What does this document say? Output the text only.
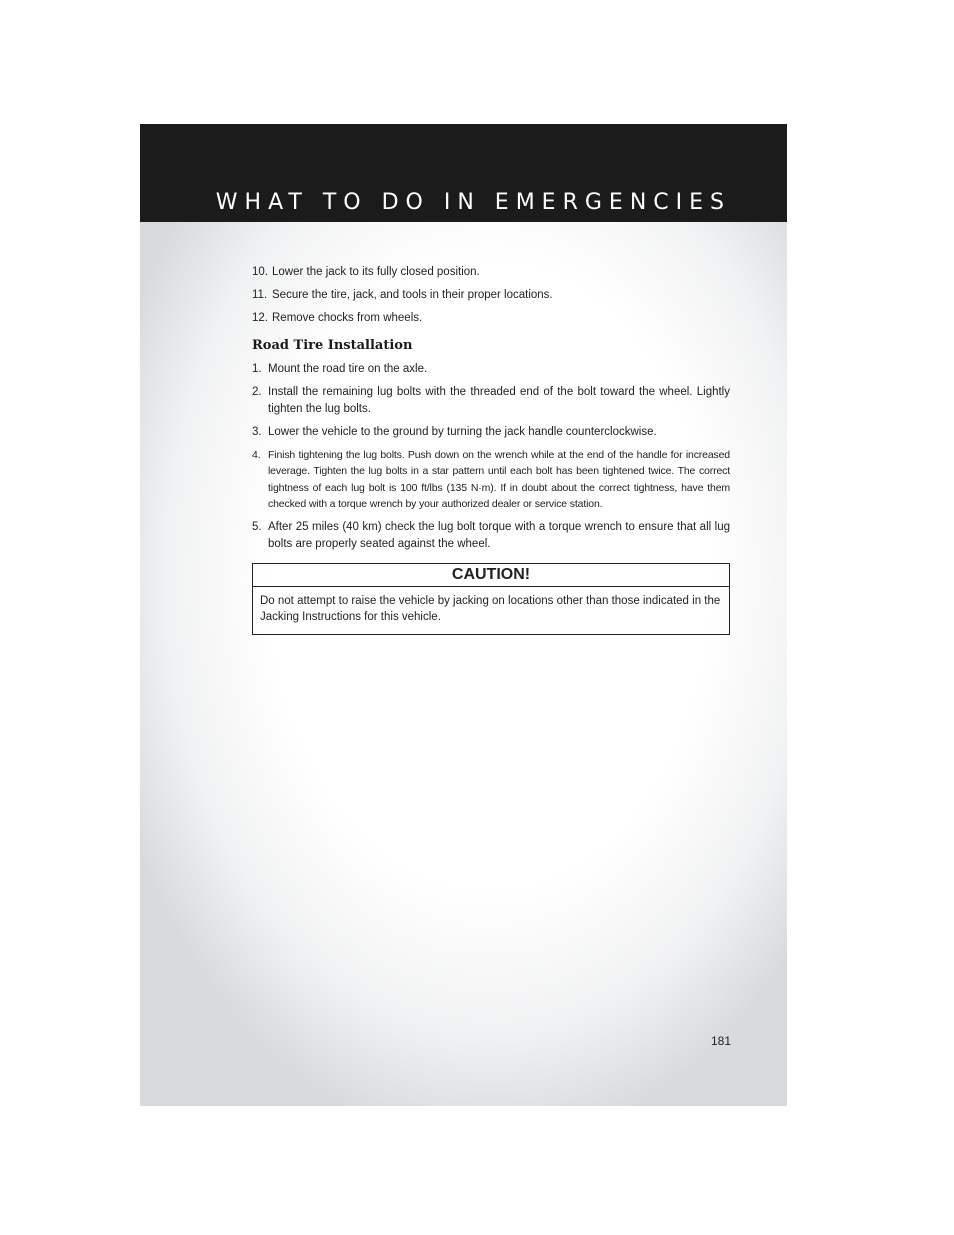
WHAT TO DO IN EMERGENCIES
10. Lower the jack to its fully closed position.
11. Secure the tire, jack, and tools in their proper locations.
12. Remove chocks from wheels.
Road Tire Installation
1. Mount the road tire on the axle.
2. Install the remaining lug bolts with the threaded end of the bolt toward the wheel. Lightly tighten the lug bolts.
3. Lower the vehicle to the ground by turning the jack handle counterclockwise.
4. Finish tightening the lug bolts. Push down on the wrench while at the end of the handle for increased leverage. Tighten the lug bolts in a star pattern until each bolt has been tightened twice. The correct tightness of each lug bolt is 100 ft/lbs (135 N·m). If in doubt about the correct tightness, have them checked with a torque wrench by your authorized dealer or service station.
5. After 25 miles (40 km) check the lug bolt torque with a torque wrench to ensure that all lug bolts are properly seated against the wheel.
CAUTION!
Do not attempt to raise the vehicle by jacking on locations other than those indicated in the Jacking Instructions for this vehicle.
181
